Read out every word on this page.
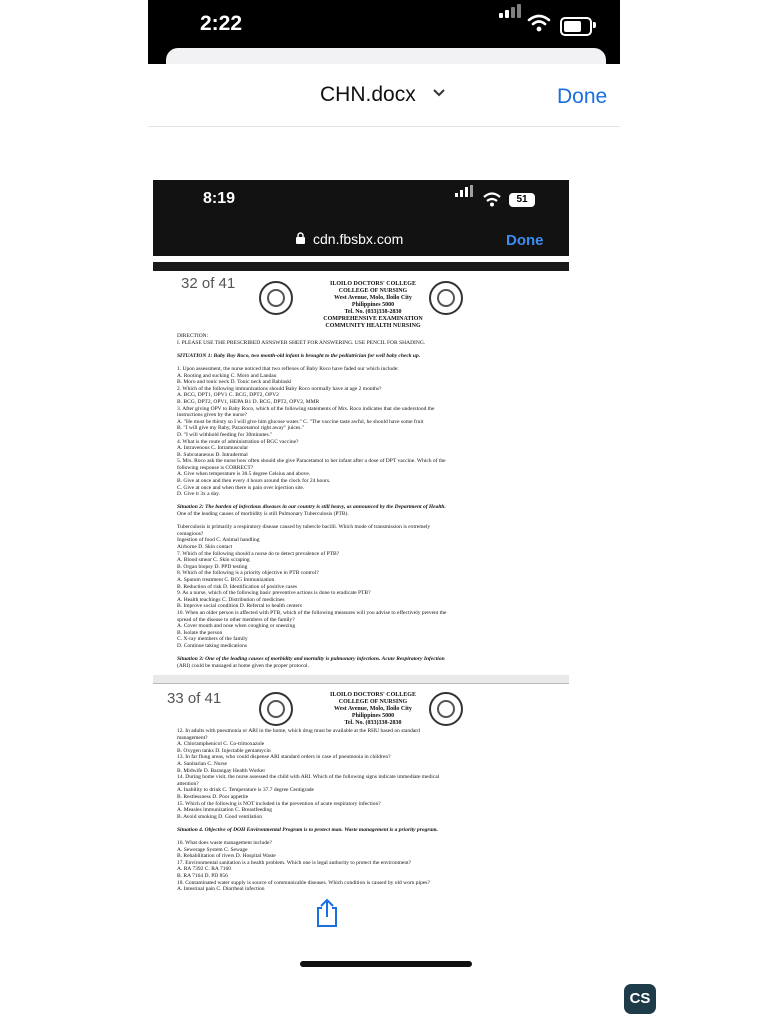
2:22
CHN.docx	Done
8:19	51
cdn.fbsbx.com	Done
32 of 41	ILOILO DOCTORS' COLLEGE
COLLEGE OF NURSING
West Avenue, Molo, Iloilo City
Philippines 5000
Tel. No. (033)338-2830
COMPREHENSIVE EXAMINATION
COMMUNITY HEALTH NURSING
DIRECTION:
I. PLEASE USE THE PRESCRIBED ASNSWER SHEET FOR ANSWERING. USE PENCIL FOR SHADING.
SITUATION 1: Baby Boy Roco, two month-old infant is brought to the pediatrician for well baby check up.
1. Upon assessment, the nurse noticed that two reflexes of Baby Roco have faded our which include:
A. Rooting and sucking C. Moro and Landau
B. Moro and tonic neck D. Tonic neck and Babinski
2. Which of the following immunizations should Baby Roco normally have at age 2 months?
A. BCG, DPT1, OPV1 C. BCG, DPT2, OPV2
B. BCG, DPT2, OPV1, HEPA B1 D. BCG, DPT2, OPV2, MMR
3. After giving OPV to Baby Roco, which of the following statements of Mrs. Roco indicates that she understood the
instructions given by the nurse?
A. "He must be thirsty so I will give him glucose water." C. "The vaccine taste awful, he should have some fruit
B. "I will give my Baby, Paracetamol right away" juices."
D. "I will withhold feeding for 30minutes."
4. What is the route of administration of BGC vaccine?
A. Intravenous C. Intramuscular
B. Subcutaneous D. Intradermal
5. Mrs. Roco ask the nurse how often should she give Paracetamol to her infant after a dose of DPT vaccine. Which of the
following response is CORRECT?
A. Give when temperature is 38.5 degree Celsius and above.
B. Give at once and then every 4 hours around the clock for 24 hours.
C. Give at once and when there is pain over injection site.
D. Give it 3x a day.
Situation 2: The burden of infectious diseases in our country is still heavy, as announced by the Department of Health.
One of the leading causes of morbidity is still Pulmonary Tuberculosis (PTB).
Tuberculosis is primarily a respiratory disease caused by tubercle bacilli. Which mode of transmission is extremely
contagious?
Ingestion of food C. Animal handling
Airborne D. Skin contact
7. Which of the following should a nurse do to detect prevalence of PTB?
A. Blood smear C. Skin scraping
B. Organ biopsy D. PPD testing
8. Which of the following is a priority objective in PTB control?
A. Sputum treatment C. BCG Immunization
B. Reduction of risk D. Identification of positive cases
9. As a nurse, which of the following basic preventive actions is done to eradicate PTB?
A. Health teachings C. Distribution of medicines
B. Improve social condition D. Referral to health centers
10. When an older person is affected with PTB, which of the following measures will you advise to effectively prevent the
spread of the disease to other members of the family?
A. Cover mouth and nose when coughing or sneezing
B. Isolate the person
C. X-ray members of the family
D. Continue taking medications
Situation 3: One of the leading causes of morbidity and mortality is pulmonary infections. Acute Respiratory Infection
(ARI) could be managed at home given the proper protocol.
33 of 41	ILOILO DOCTORS' COLLEGE
COLLEGE OF NURSING
West Avenue, Molo, Iloilo City
Philippines 5000
Tel. No. (033)338-2830
12. In adults with pneumonia or ARI in the home, which drug must be available at the RHU based on standard
management?
A. Chloramphenicol C. Co-trimoxazole
B. Oxygen tanks D. Injectable gentamycin
13. In far flung areas, who could dispense ARI standard orders in case of pneumonia in children?
A. Sanitarian C. Nurse
B. Midwife D. Barangay Health Worker
14. During home visit, the nurse assessed the child with ARI. Which of the following signs indicate immediate medical
attention?
A. Inability to drink C. Temperature is 37.7 degree Centigrade
B. Restlessness D. Poor appetite
15. Which of the following is NOT included in the prevention of acute respiratory infection?
A. Measles immunization C. Breastfeeding
B. Avoid smoking D. Good ventilation
Situation 4. Objective of DOH Environmental Program is to protect man. Waste management is a priority program.
16. What does waste management include?
A. Sewerage System C. Sewage
B. Rehabilitation of rivers D. Hospital Waste
17. Environmental sanitation is a health problem. Which one is legal authority to protect the environment?
A. RA 7392 C. RA 7160
B. RA 7164 D. PD 856
18. Contaminated water supply is source of communicable diseases. Which condition is caused by old worn pipes?
A. Intestinal pain C. Diarrheal infection
CS
